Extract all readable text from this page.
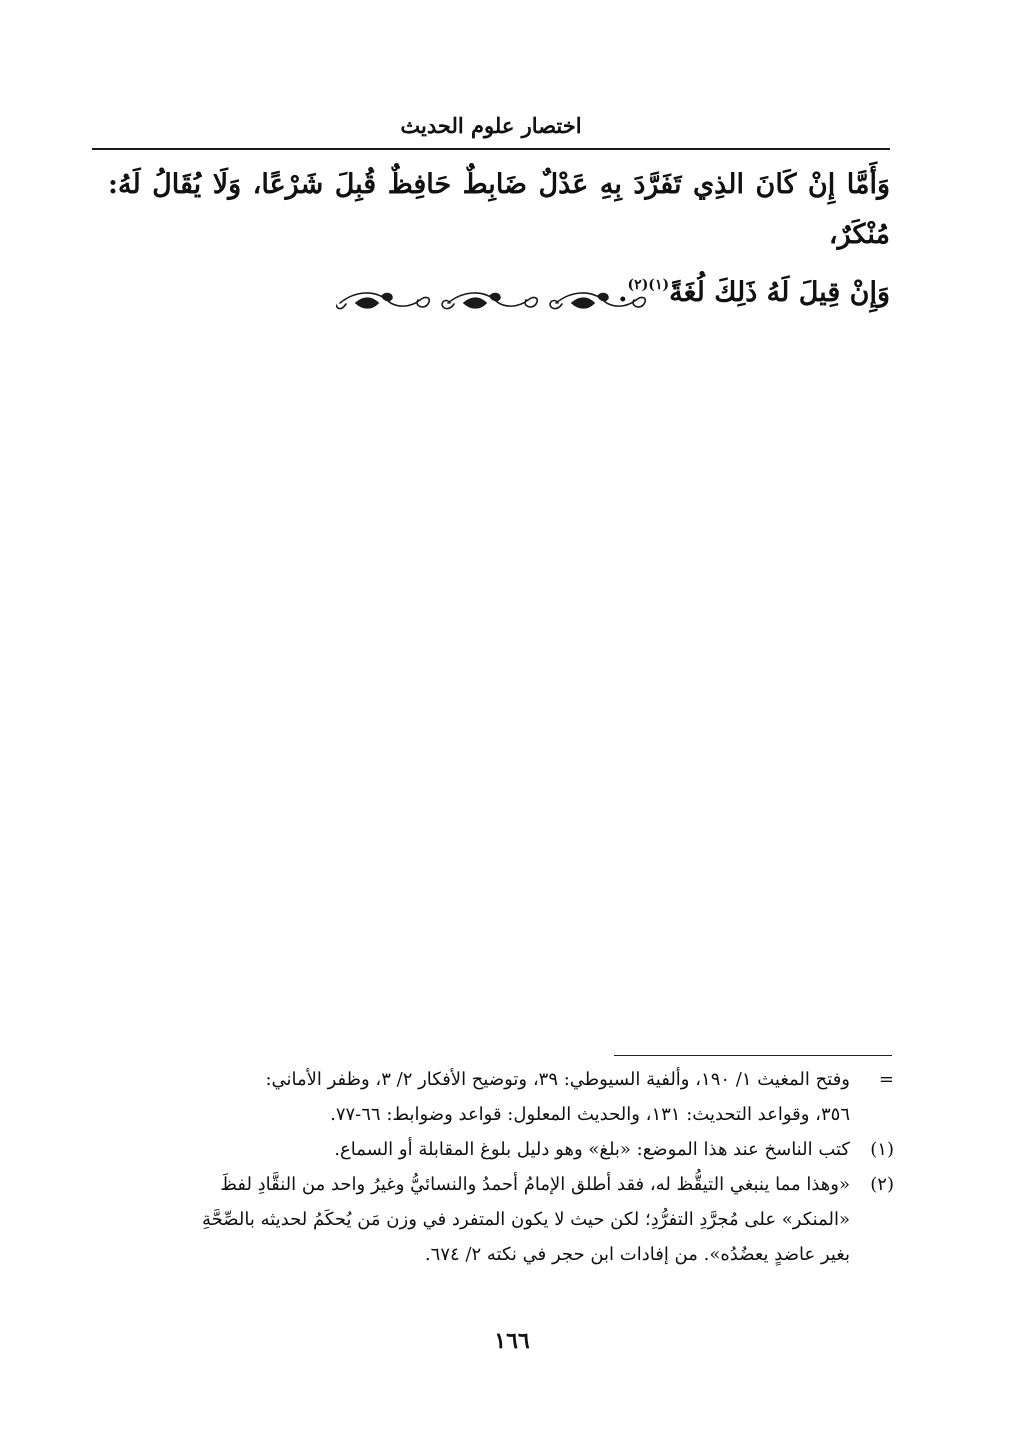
اختصار علوم الحديث

وَأَمَّا إِنْ كَانَ الذِي تَفَرَّدَ بِهِ عَدْلٌ ضَابِطٌ حَافِظٌ قُبِلَ شَرْعًا، وَلَا يُقَالُ لَهُ: مُنْكَرٌ،

وَإِنْ قِيلَ لَهُ ذَلِكَ لُغَةً$^{(١)(٢)}$.

=
وفتح المغيث ١/ ١٩٠، وألفية السيوطي: ٣٩، وتوضيح الأفكار ٢/ ٣، وظفر الأماني:
٣٥٦، وقواعد التحديث: ١٣١، والحديث المعلول: قواعد وضوابط: ٦٦-٧٧.
(١)
كتب الناسخ عند هذا الموضع: «بلغ» وهو دليل بلوغ المقابلة أو السماع.
(٢)
«وهذا مما ينبغي التيقُّظ له، فقد أطلق الإمامُ أحمدُ والنسائيُّ وغيرُ واحد من النقَّادِ لفظَ
«المنكر» على مُجرَّدِ التفرُّدِ؛ لكن حيث لا يكون المتفرد في وزن مَن يُحكَمُ لحديثه بالصِّحَّةِ
بغير عاضدٍ يعضُدُه». من إفادات ابن حجر في نكته ٢/ ٦٧٤.
١٦٦
